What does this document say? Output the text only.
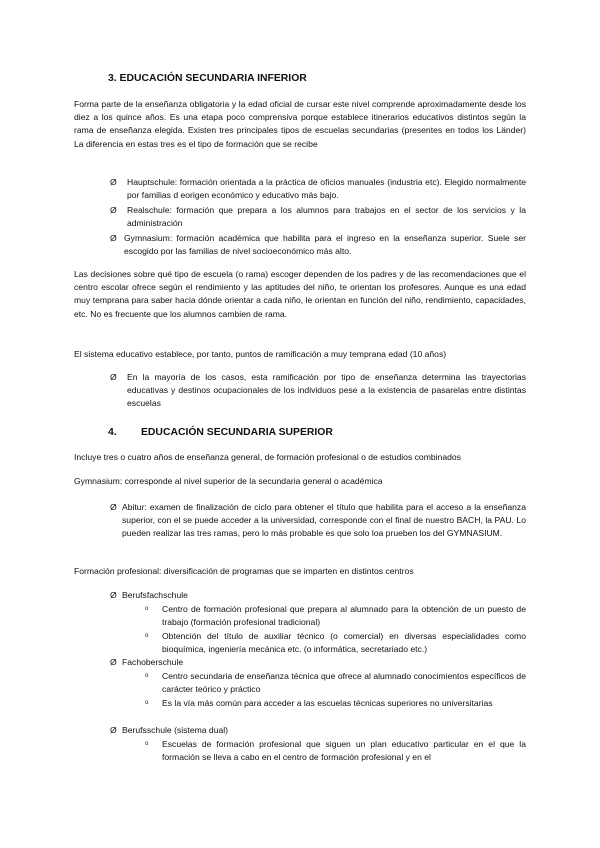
3. EDUCACIÓN SECUNDARIA INFERIOR
Forma parte de la enseñanza obligatoria y la edad oficial de cursar este nivel comprende aproximadamente desde los diez a los quince años. Es una etapa poco comprensiva porque establece itinerarios educativos distintos según la rama de enseñanza elegida. Existen tres principales tipos de escuelas secundarias (presentes en todos los Länder) La diferencia en estas tres es el tipo de formación que se recibe
Ø Hauptschule: formación orientada a la práctica de oficios manuales (industria etc). Elegido normalmente por familias d eorigen económico y educativo más bajo.
Ø Realschule: formación que prepara a los alumnos para trabajos en el sector de los servicios y la administración
Ø Gymnasium: formación académica que habilita para el ingreso en la enseñanza superior. Suele ser escogido por las familias de nivel socioeconómico más alto.
Las decisiones sobre qué tipo de escuela (o rama) escoger dependen de los padres y de las recomendaciones que el centro escolar ofrece según el rendimiento y las aptitudes del niño, te orientan los profesores. Aunque es una edad muy temprana para saber hacia dónde orientar a cada niño, le orientan en función del niño, rendimiento, capacidades, etc. No es frecuente que los alumnos cambien de rama.
El sistema educativo establece, por tanto, puntos de ramificación a muy temprana edad (10 años)
Ø En la mayoría de los casos, esta ramificación por tipo de enseñanza determina las trayectorias educativas y destinos ocupacionales de los individuos pese a la existencia de pasarelas entre distintas escuelas
4. EDUCACIÓN SECUNDARIA SUPERIOR
Incluye tres o cuatro años de enseñanza general, de formación profesional o de estudios combinados
Gymnasium: corresponde al nivel superior de la secundaria general o académica
Ø Abitur: examen de finalización de ciclo para obtener el título que habilita para el acceso a la enseñanza superior, con el se puede acceder a la universidad, corresponde con el final de nuestro BACH, la PAU. Lo pueden realizar las tres ramas, pero lo más probable es que solo loa prueben los del GYMNASIUM.
Formación profesional: diversificación de programas que se imparten en distintos centros
Ø Berufsfachschule
o Centro de formación profesional que prepara al alumnado para la obtención de un puesto de trabajo (formación profesional tradicional)
o Obtención del título de auxiliar técnico (o comercial) en diversas especialidades como bioquímica, ingeniería mecánica etc. (o informática, secretariado etc.)
Ø Fachoberschule
o Centro secundaria de enseñanza técnica que ofrece al alumnado conocimientos específicos de carácter teórico y práctico
o Es la vía más común para acceder a las escuelas técnicas superiores no universitarias
Ø Berufsschule (sistema dual)
o Escuelas de formación profesional que siguen un plan educativo particular en el que la formación se lleva a cabo en el centro de formación profesional y en el
